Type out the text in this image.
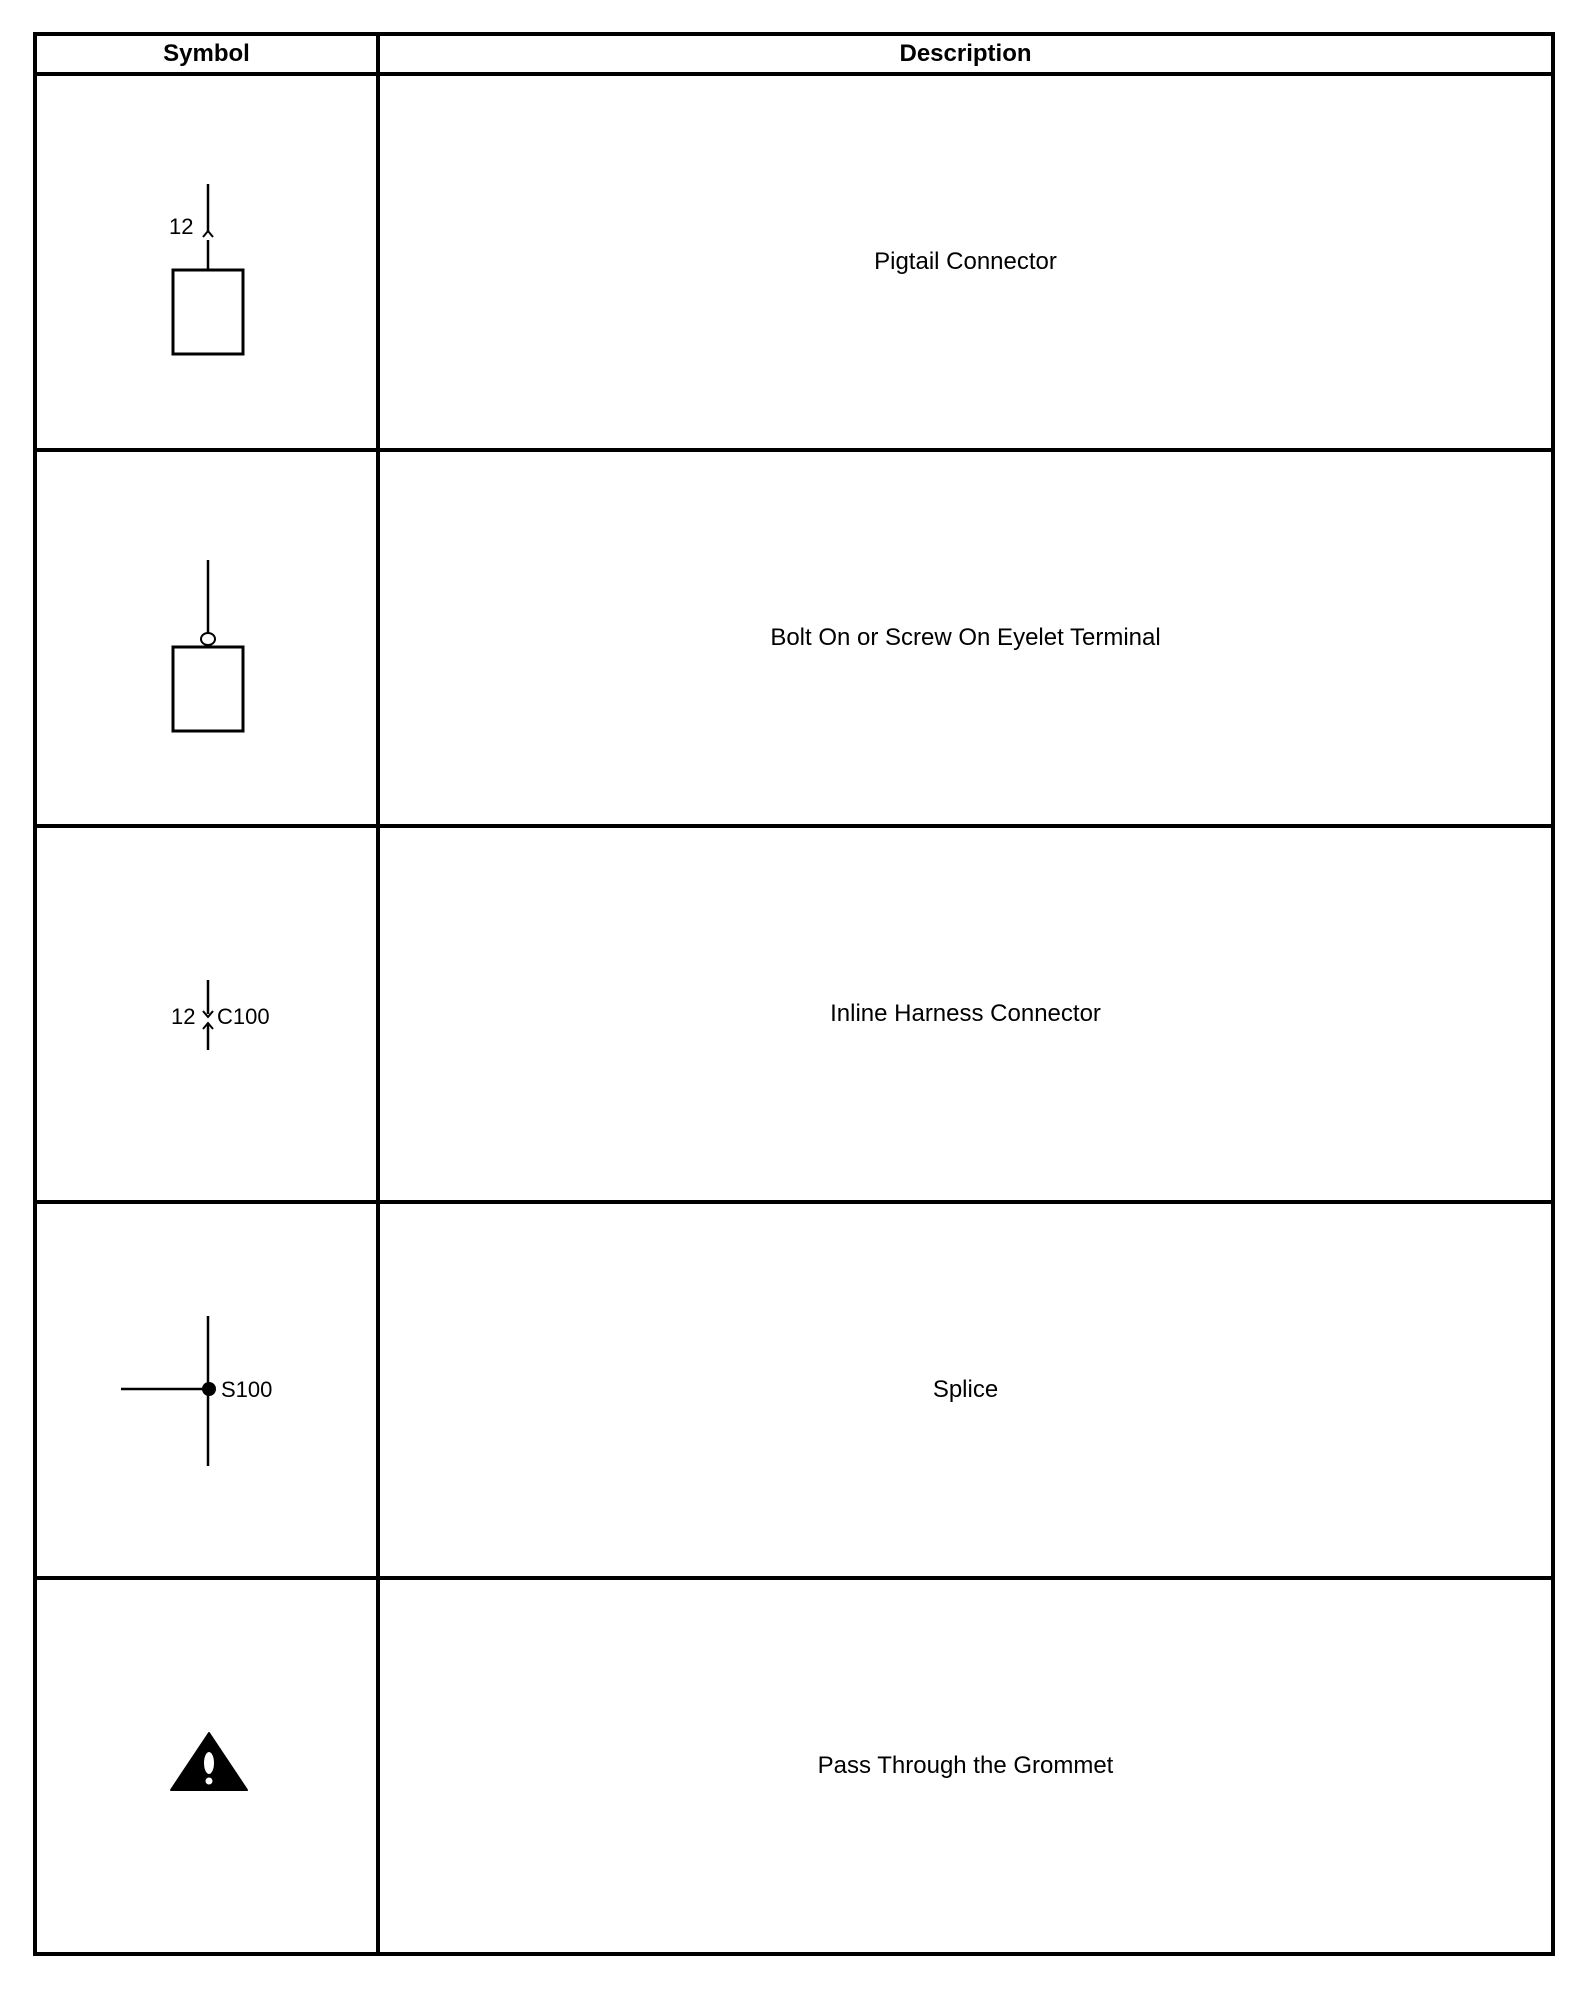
Symbol	Description

12	Pigtail Connector

	Bolt On or Screw On Eyelet Terminal

12 C100	Inline Harness Connector

S100	Splice

	Pass Through the Grommet
